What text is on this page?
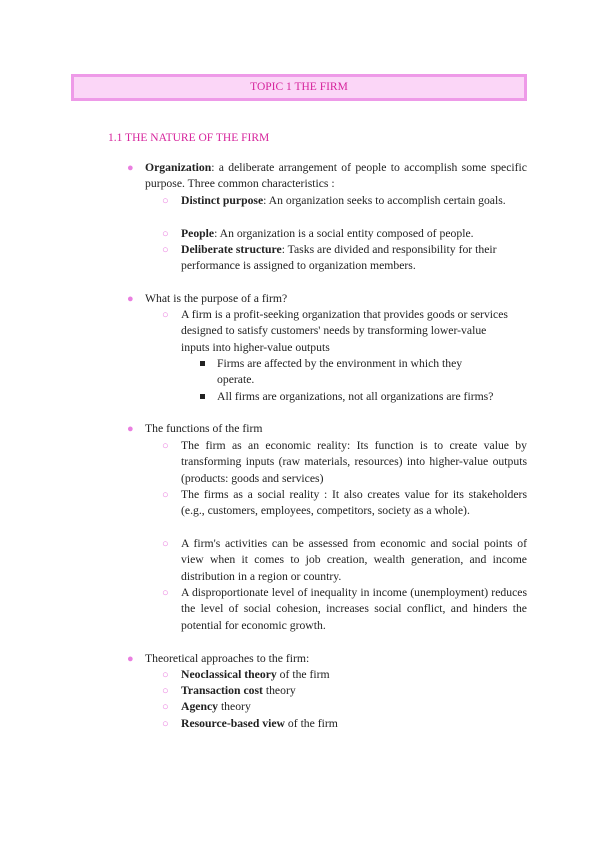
TOPIC 1 THE FIRM
1.1 THE NATURE OF THE FIRM
● Organization: a deliberate arrangement of people to accomplish some specific purpose. Three common characteristics :
○ Distinct purpose: An organization seeks to accomplish certain goals.
○ People: An organization is a social entity composed of people.
○ Deliberate structure: Tasks are divided and responsibility for their performance is assigned to organization members.
● What is the purpose of a firm?
○ A firm is a profit-seeking organization that provides goods or services designed to satisfy customers' needs by transforming lower-value inputs into higher-value outputs
Firms are affected by the environment in which they operate.
All firms are organizations, not all organizations are firms?
● The functions of the firm
○ The firm as an economic reality: Its function is to create value by transforming inputs (raw materials, resources) into higher-value outputs (products: goods and services)
○ The firms as a social reality : It also creates value for its stakeholders (e.g., customers, employees, competitors, society as a whole).
○ A firm's activities can be assessed from economic and social points of view when it comes to job creation, wealth generation, and income distribution in a region or country.
○ A disproportionate level of inequality in income (unemployment) reduces the level of social cohesion, increases social conflict, and hinders the potential for economic growth.
● Theoretical approaches to the firm:
○ Neoclassical theory of the firm
○ Transaction cost theory
○ Agency theory
○ Resource-based view of the firm
